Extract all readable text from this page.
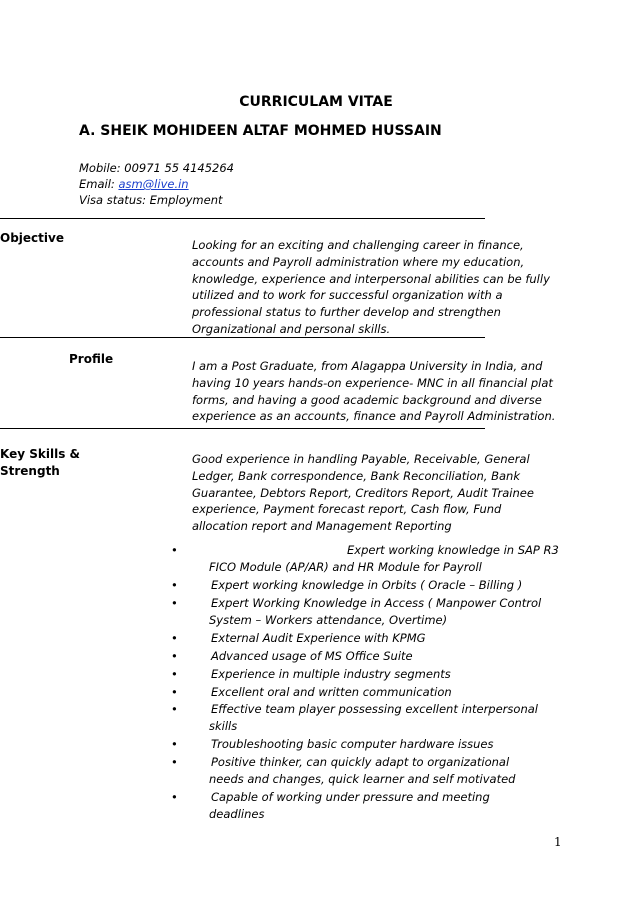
CURRICULAM VITAE
A. SHEIK MOHIDEEN ALTAF MOHMED HUSSAIN
Mobile: 00971 55 4145264
Email: asm@live.in
Visa status: Employment
Objective	Looking for an exciting and challenging career in finance,
accounts and Payroll administration where my education,
knowledge, experience and interpersonal abilities can be fully
utilized and to work for successful organization with a
professional status to further develop and strengthen
Organizational and personal skills.
Profile	I am a Post Graduate, from Alagappa University in India, and
having 10 years hands-on experience- MNC in all financial plat
forms, and having a good academic background and diverse
experience as an accounts, finance and Payroll Administration.
Key Skills &
Strength
Good experience in handling Payable, Receivable, General
Ledger, Bank correspondence, Bank Reconciliation, Bank
Guarantee, Debtors Report, Creditors Report, Audit Trainee
experience, Payment forecast report, Cash flow, Fund
allocation report and Management Reporting
•	Expert working knowledge in SAP R3
FICO Module (AP/AR) and HR Module for Payroll
•	Expert working knowledge in Orbits ( Oracle – Billing )
•	Expert Working Knowledge in Access ( Manpower Control
System – Workers attendance, Overtime)
•	External Audit Experience with KPMG
•	Advanced usage of MS Office Suite
•	Experience in multiple industry segments
•	Excellent oral and written communication
•	Effective team player possessing excellent interpersonal
skills
•	Troubleshooting basic computer hardware issues
•	Positive thinker, can quickly adapt to organizational
needs and changes, quick learner and self motivated
•	Capable of working under pressure and meeting
deadlines
1
